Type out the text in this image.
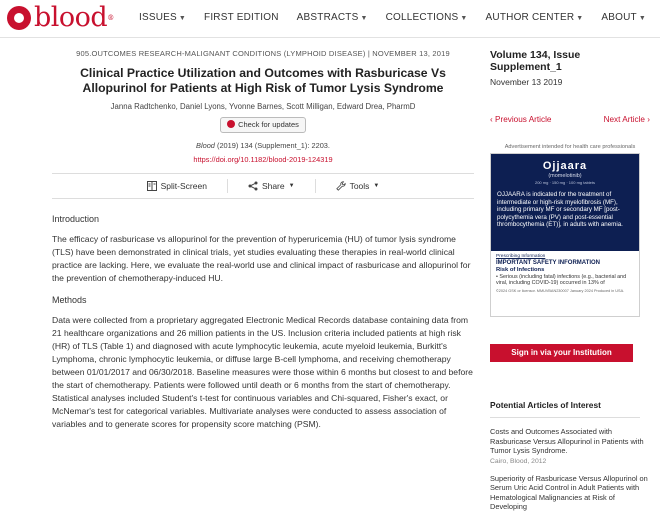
blood®	ISSUES ▼ FIRST EDITION ABSTRACTS ▼ COLLECTIONS ▼ AUTHOR CENTER ▼ ABOUT ▼
905.OUTCOMES RESEARCH-MALIGNANT CONDITIONS (LYMPHOID DISEASE) | NOVEMBER 13, 2019
Clinical Practice Utilization and Outcomes with Rasburicase Vs Allopurinol for Patients at High Risk of Tumor Lysis Syndrome
Janna Radtchenko, Daniel Lyons, Yvonne Barnes, Scott Milligan, Edward Drea, PharmD
Check for updates
Blood (2019) 134 (Supplement_1): 2203.
https://doi.org/10.1182/blood-2019-124319
Split-Screen	Share ▼	Tools ▼
Introduction
The efficacy of rasburicase vs allopurinol for the prevention of hyperuricemia (HU) of tumor lysis syndrome (TLS) have been demonstrated in clinical trials, yet studies evaluating these therapies in real-world clinical practice are lacking. Here, we evaluate the real-world use and clinical impact of rasburicase and allopurinol for the prevention of chemotherapy-induced HU.
Methods
Data were collected from a proprietary aggregated Electronic Medical Records database containing data from 21 healthcare organizations and 26 million patients in the US. Inclusion criteria included patients at high risk (HR) of TLS (Table 1) and diagnosed with acute lymphocytic leukemia, acute myeloid leukemia, Burkitt's Lymphoma, chronic lymphocytic leukemia, or diffuse large B-cell lymphoma, and receiving chemotherapy between 01/01/2017 and 06/30/2018. Baseline measures were those within 6 months but closest to and before the start of chemotherapy. Patients were followed until death or 6 months from the start of chemotherapy. Statistical analyses included Student's t-test for continuous variables and Chi-squared, Fisher's exact, or McNemar's test for categorical variables. Multivariate analyses were conducted to assess association of variables and to generate scores for propensity score matching (PSM).
Volume 134, Issue Supplement_1
November 13 2019
‹ Previous Article	Next Article ›
Advertisement intended for health care professionals
Ojjaara
(momelotinib)
200 mg · 150 mg · 100 mg tablets
OJJAARA is indicated for the treatment of intermediate or high-risk myelofibrosis (MF), including primary MF or secondary MF [post-polycythemia vera (PV) and post-essential thrombocythemia (ET)], in adults with anemia.
Prescribing Information
IMPORTANT SAFETY INFORMATION
Risk of Infections
• Serious (including fatal) infections (e.g., bacterial and viral, including COVID-19) occurred in 13% of
©2024 GSK or licensor. MMUVBAN230007 January 2024 Produced in USA.
Sign in via your Institution
Potential Articles of Interest
Costs and Outcomes Associated with Rasburicase Versus Allopurinol in Patients with Tumor Lysis Syndrome.
Cairo, Blood, 2012
Superiority of Rasburicase Versus Allopurinol on Serum Uric Acid Control in Adult Patients with Hematological Malignancies at Risk of Developing
